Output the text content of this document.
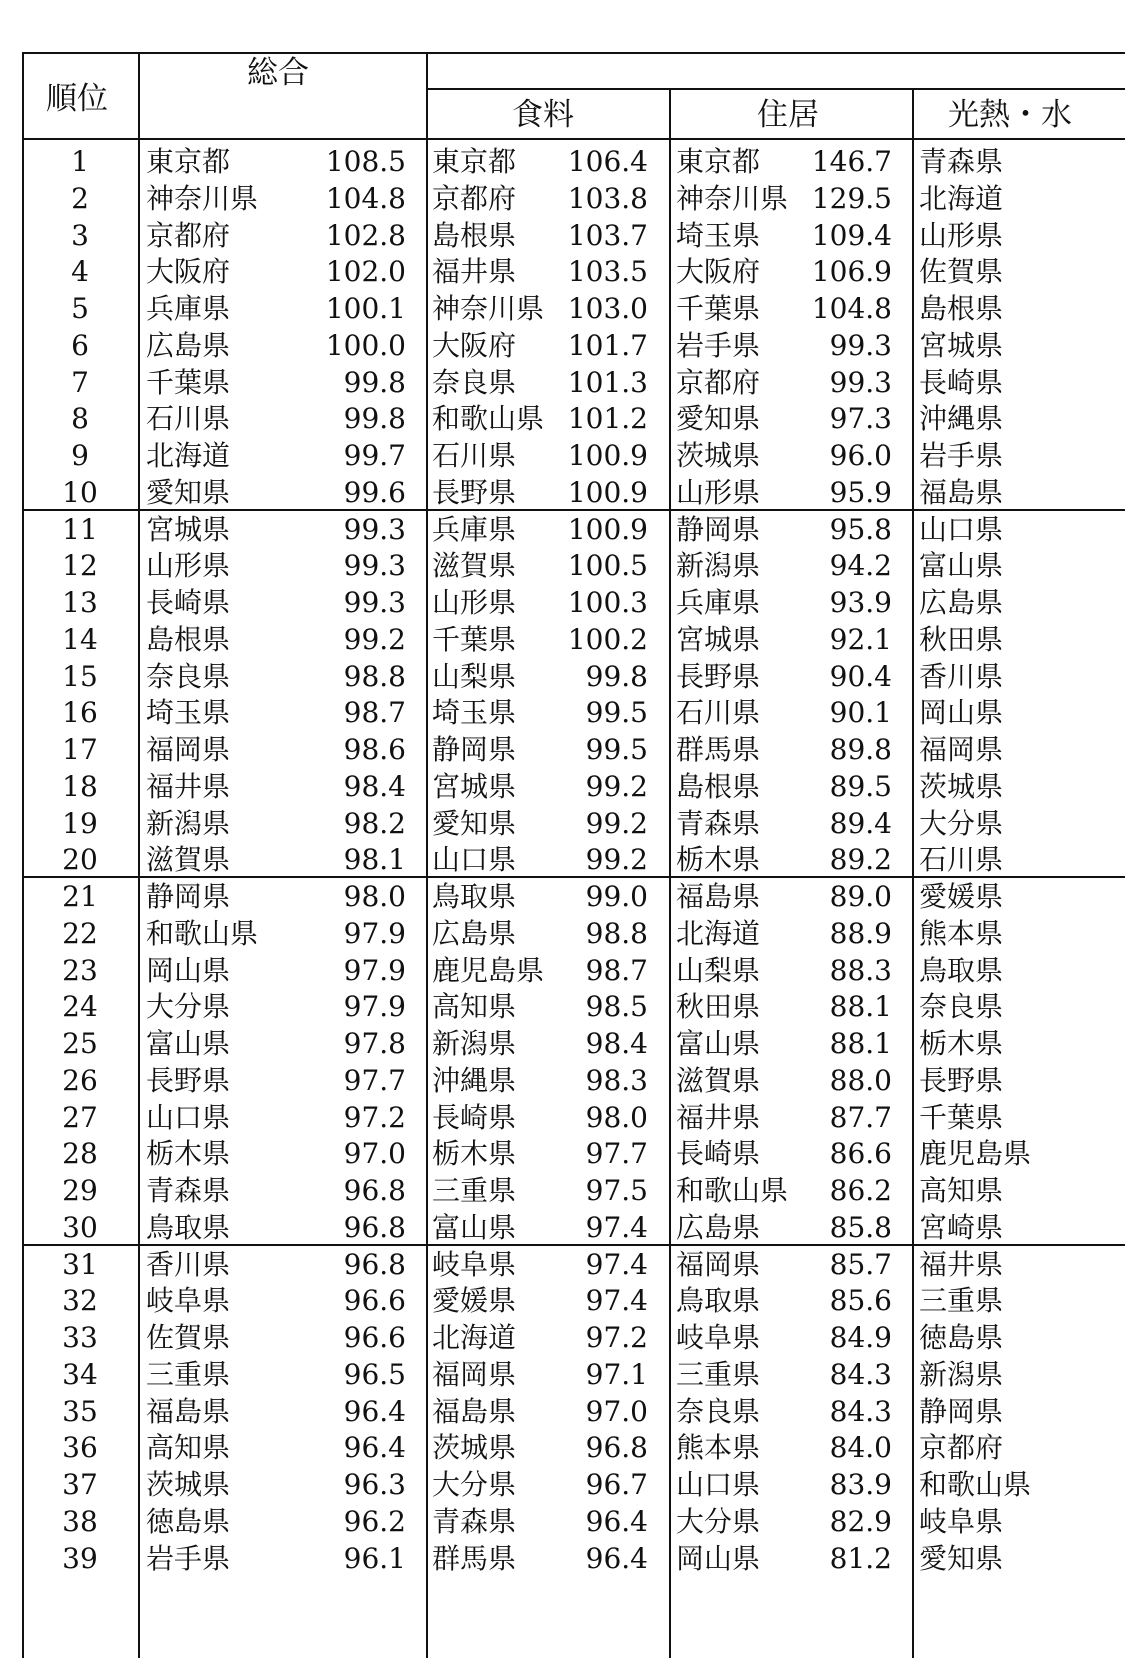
順位
総合
食料	住居	光熱・水
1	東京都	108.5 東京都	106.4 東京都	146.7 青森県
2	神奈川県	104.8 京都府	103.8 神奈川県 129.5 北海道
3	京都府	102.8 島根県	103.7 埼玉県	109.4 山形県
4	大阪府	102.0 福井県	103.5 大阪府	106.9 佐賀県
5	兵庫県	100.1 神奈川県 103.0 千葉県	104.8 島根県
6	広島県	100.0 大阪府	101.7 岩手県	99.3 宮城県
7	千葉県	99.8 奈良県	101.3 京都府	99.3 長崎県
8	石川県	99.8 和歌山県 101.2 愛知県	97.3 沖縄県
9	北海道	99.7 石川県	100.9 茨城県	96.0 岩手県
10	愛知県	99.6 長野県	100.9 山形県	95.9 福島県
11	宮城県	99.3 兵庫県	100.9 静岡県	95.8 山口県
12	山形県	99.3 滋賀県	100.5 新潟県	94.2 富山県
13	長崎県	99.3 山形県	100.3 兵庫県	93.9 広島県
14	島根県	99.2 千葉県	100.2 宮城県	92.1 秋田県
15	奈良県	98.8 山梨県	99.8 長野県	90.4 香川県
16	埼玉県	98.7 埼玉県	99.5 石川県	90.1 岡山県
17	福岡県	98.6 静岡県	99.5 群馬県	89.8 福岡県
18	福井県	98.4 宮城県	99.2 島根県	89.5 茨城県
19	新潟県	98.2 愛知県	99.2 青森県	89.4 大分県
20	滋賀県	98.1 山口県	99.2 栃木県	89.2 石川県
21	静岡県	98.0 鳥取県	99.0 福島県	89.0 愛媛県
22	和歌山県	97.9 広島県	98.8 北海道	88.9 熊本県
23	岡山県	97.9 鹿児島県	98.7 山梨県	88.3 鳥取県
24	大分県	97.9 高知県	98.5 秋田県	88.1 奈良県
25	富山県	97.8 新潟県	98.4 富山県	88.1 栃木県
26	長野県	97.7 沖縄県	98.3 滋賀県	88.0 長野県
27	山口県	97.2 長崎県	98.0 福井県	87.7 千葉県
28	栃木県	97.0 栃木県	97.7 長崎県	86.6 鹿児島県
29	青森県	96.8 三重県	97.5 和歌山県	86.2 高知県
30	鳥取県	96.8 富山県	97.4 広島県	85.8 宮崎県
31	香川県	96.8 岐阜県	97.4 福岡県	85.7 福井県
32	岐阜県	96.6 愛媛県	97.4 鳥取県	85.6 三重県
33	佐賀県	96.6 北海道	97.2 岐阜県	84.9 徳島県
34	三重県	96.5 福岡県	97.1 三重県	84.3 新潟県
35	福島県	96.4 福島県	97.0 奈良県	84.3 静岡県
36	高知県	96.4 茨城県	96.8 熊本県	84.0 京都府
37	茨城県	96.3 大分県	96.7 山口県	83.9 和歌山県
38	徳島県	96.2 青森県	96.4 大分県	82.9 岐阜県
39	岩手県	96.1 群馬県	96.4 岡山県	81.2 愛知県
